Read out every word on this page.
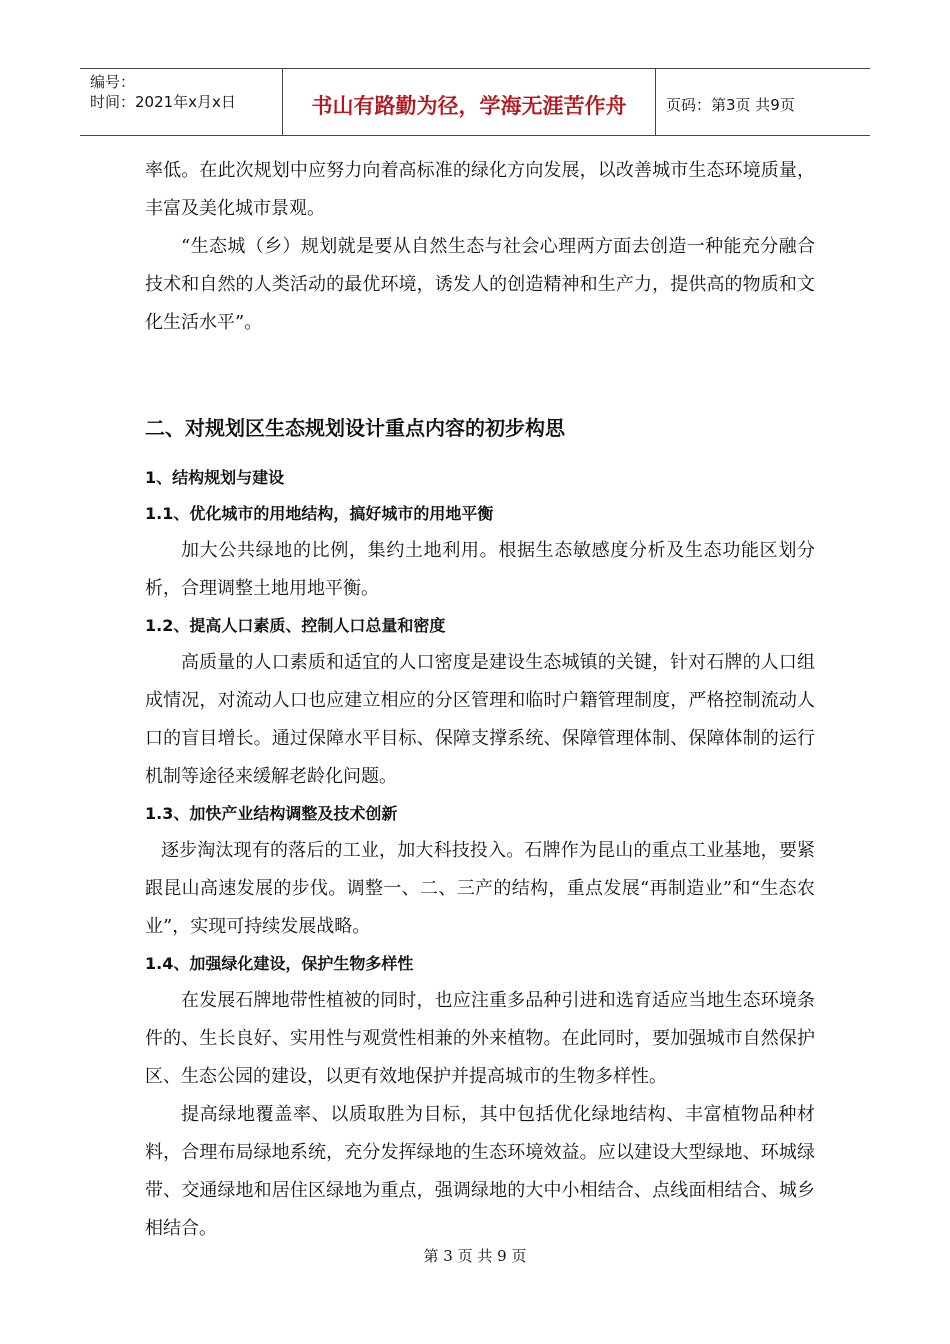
编号：
时间：2021年x月x日	书山有路勤为径，学海无涯苦作舟	页码：第3页 共9页

率低。在此次规划中应努力向着高标准的绿化方向发展，以改善城市生态环境质量，丰富及美化城市景观。

“生态城（乡）规划就是要从自然生态与社会心理两方面去创造一种能充分融合技术和自然的人类活动的最优环境，诱发人的创造精神和生产力，提供高的物质和文化生活水平”。

二、对规划区生态规划设计重点内容的初步构思
1、结构规划与建设
1.1、优化城市的用地结构，搞好城市的用地平衡

加大公共绿地的比例，集约土地利用。根据生态敏感度分析及生态功能区划分析，合理调整土地用地平衡。

1.2、提高人口素质、控制人口总量和密度

高质量的人口素质和适宜的人口密度是建设生态城镇的关键，针对石牌的人口组成情况，对流动人口也应建立相应的分区管理和临时户籍管理制度，严格控制流动人口的盲目增长。通过保障水平目标、保障支撑系统、保障管理体制、保障体制的运行机制等途径来缓解老龄化问题。

1.3、加快产业结构调整及技术创新

逐步淘汰现有的落后的工业，加大科技投入。石牌作为昆山的重点工业基地，要紧跟昆山高速发展的步伐。调整一、二、三产的结构，重点发展“再制造业”和“生态农业”，实现可持续发展战略。

1.4、加强绿化建设，保护生物多样性

在发展石牌地带性植被的同时，也应注重多品种引进和选育适应当地生态环境条件的、生长良好、实用性与观赏性相兼的外来植物。在此同时，要加强城市自然保护区、生态公园的建设，以更有效地保护并提高城市的生物多样性。

提高绿地覆盖率、以质取胜为目标，其中包括优化绿地结构、丰富植物品种材料，合理布局绿地系统，充分发挥绿地的生态环境效益。应以建设大型绿地、环城绿带、交通绿地和居住区绿地为重点，强调绿地的大中小相结合、点线面相结合、城乡相结合。

第 3 页 共 9 页
